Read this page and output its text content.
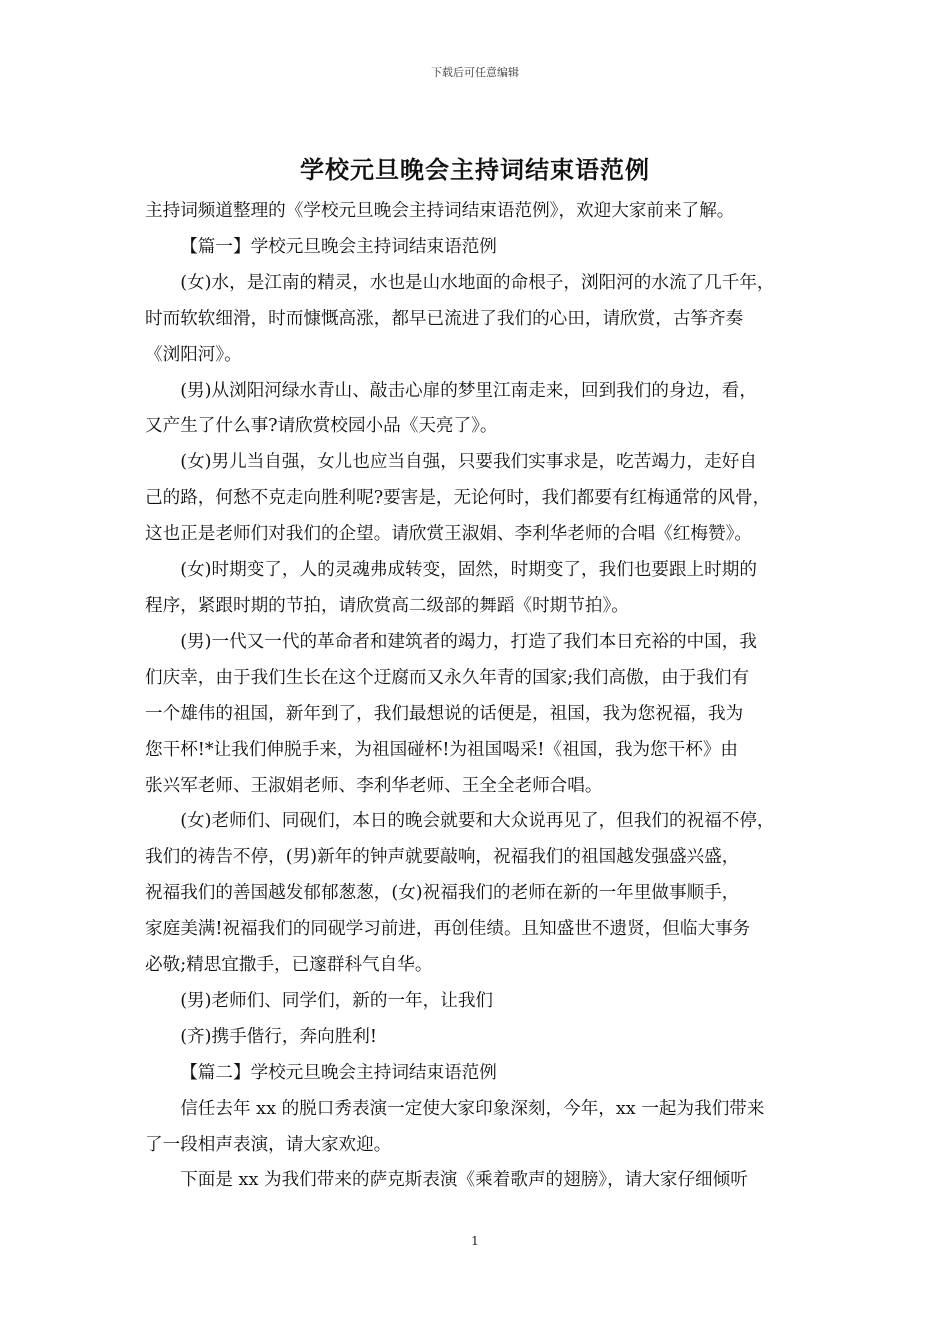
下载后可任意编辑
学校元旦晚会主持词结束语范例

主持词频道整理的《学校元旦晚会主持词结束语范例》，欢迎大家前来了解。

【篇一】学校元旦晚会主持词结束语范例

(女)水，是江南的精灵，水也是山水地面的命根子，浏阳河的水流了几千年，
时而软软细滑，时而慷慨高涨，都早已流进了我们的心田，请欣赏，古筝齐奏
《浏阳河》。

(男)从浏阳河绿水青山、敲击心扉的梦里江南走来，回到我们的身边，看，
又产生了什么事?请欣赏校园小品《天亮了》。

(女)男儿当自强，女儿也应当自强，只要我们实事求是，吃苦竭力，走好自
己的路，何愁不克走向胜利呢?要害是，无论何时，我们都要有红梅通常的风骨，
这也正是老师们对我们的企望。请欣赏王淑娟、李利华老师的合唱《红梅赞》。

(女)时期变了，人的灵魂弗成转变，固然，时期变了，我们也要跟上时期的
程序，紧跟时期的节拍，请欣赏高二级部的舞蹈《时期节拍》。

(男)一代又一代的革命者和建筑者的竭力，打造了我们本日充裕的中国，我
们庆幸，由于我们生长在这个迂腐而又永久年青的国家;我们高傲，由于我们有
一个雄伟的祖国，新年到了，我们最想说的话便是，祖国，我为您祝福，我为
您干杯!*让我们伸脱手来，为祖国碰杯!为祖国喝采!《祖国，我为您干杯》由
张兴军老师、王淑娟老师、李利华老师、王全全老师合唱。

(女)老师们、同砚们，本日的晚会就要和大众说再见了，但我们的祝福不停，
我们的祷告不停，(男)新年的钟声就要敲响，祝福我们的祖国越发强盛兴盛，
祝福我们的善国越发郁郁葱葱，(女)祝福我们的老师在新的一年里做事顺手，
家庭美满!祝福我们的同砚学习前进，再创佳绩。且知盛世不遗贤，但临大事务
必敬;精思宜撒手，已邃群科气自华。

(男)老师们、同学们，新的一年，让我们

(齐)携手偕行，奔向胜利!

【篇二】学校元旦晚会主持词结束语范例

信任去年 xx 的脱口秀表演一定使大家印象深刻，今年，xx 一起为我们带来
了一段相声表演，请大家欢迎。

下面是 xx 为我们带来的萨克斯表演《乘着歌声的翅膀》，请大家仔细倾听

1
